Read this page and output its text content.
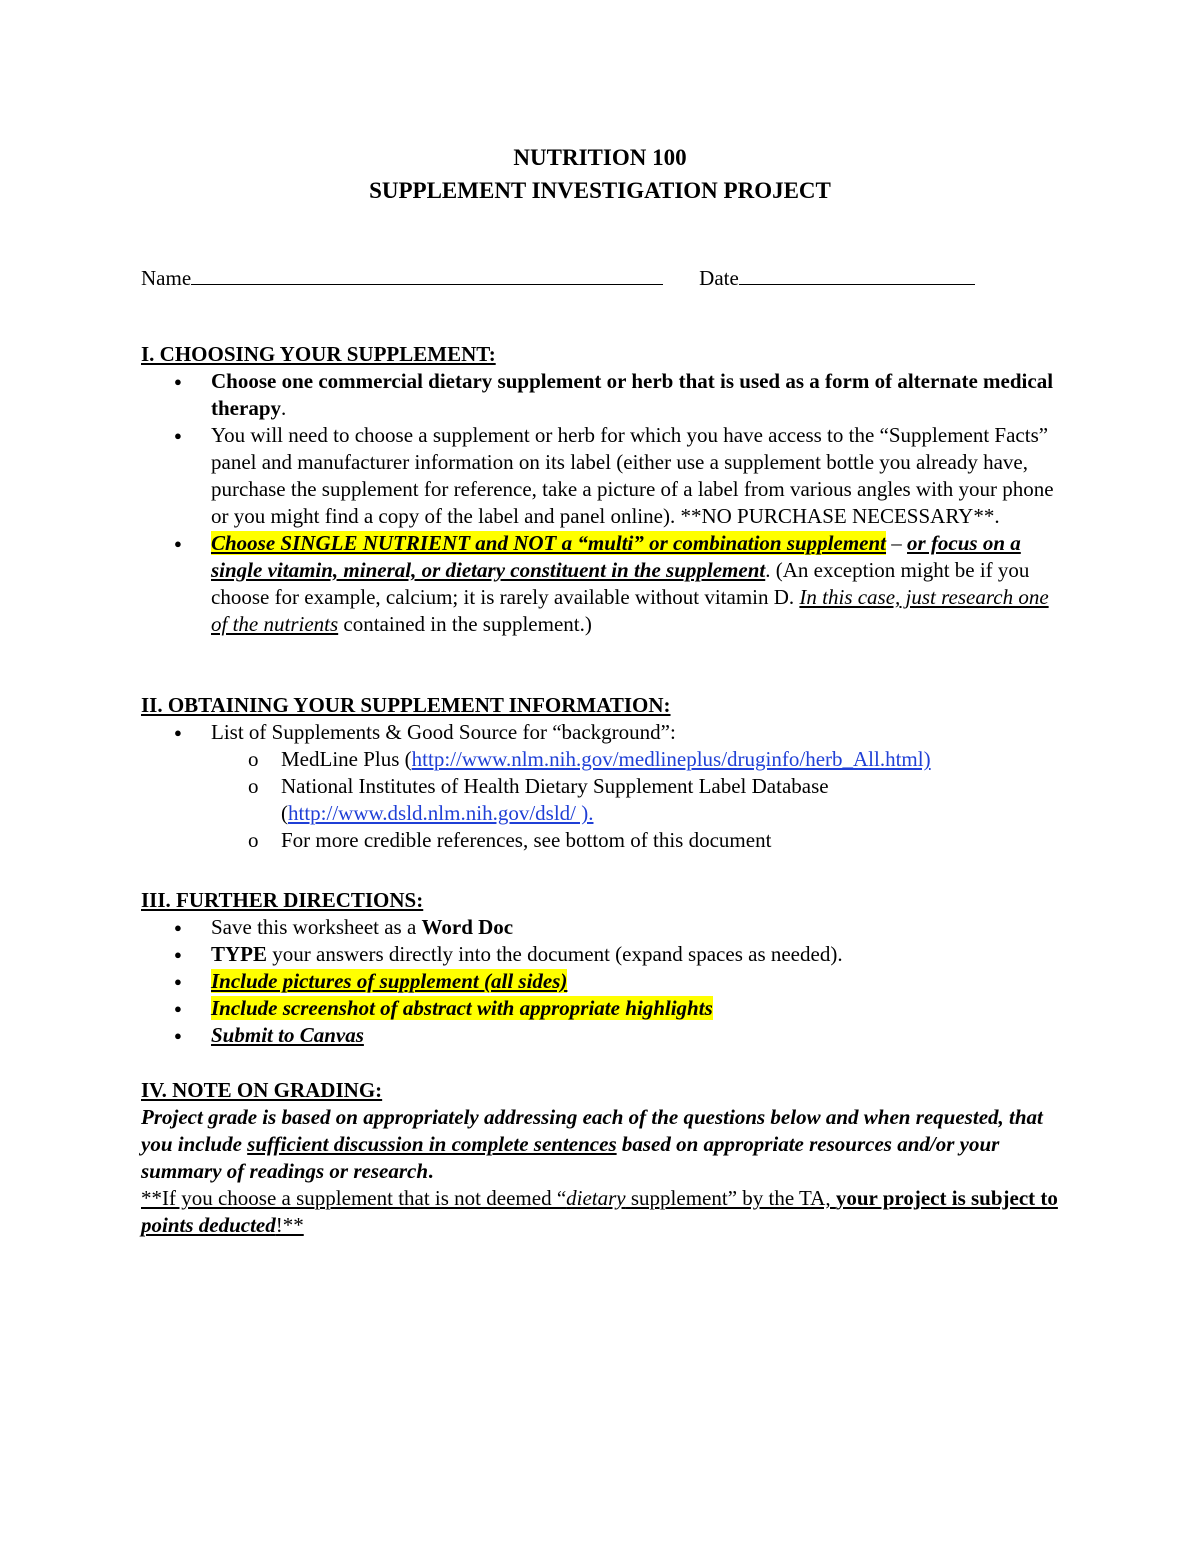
NUTRITION 100
SUPPLEMENT INVESTIGATION PROJECT
Name	Date

I. CHOOSING YOUR SUPPLEMENT:

● Choose one commercial dietary supplement or herb that is used as a form of alternate medical therapy.
● You will need to choose a supplement or herb for which you have access to the “Supplement Facts” panel and manufacturer information on its label (either use a supplement bottle you already have, purchase the supplement for reference, take a picture of a label from various angles with your phone or you might find a copy of the label and panel online). **NO PURCHASE NECESSARY**.
● Choose SINGLE NUTRIENT and NOT a “multi” or combination supplement – or focus on a single vitamin, mineral, or dietary constituent in the supplement. (An exception might be if you choose for example, calcium; it is rarely available without vitamin D. In this case, just research one of the nutrients contained in the supplement.)

II. OBTAINING YOUR SUPPLEMENT INFORMATION:

● List of Supplements & Good Source for “background”:
o MedLine Plus (http://www.nlm.nih.gov/medlineplus/druginfo/herb_All.html)
o National Institutes of Health Dietary Supplement Label Database (http://www.dsld.nlm.nih.gov/dsld/ ).
o For more credible references, see bottom of this document

III. FURTHER DIRECTIONS:

● Save this worksheet as a Word Doc
● TYPE your answers directly into the document (expand spaces as needed).
● Include pictures of supplement (all sides)
● Include screenshot of abstract with appropriate highlights
● Submit to Canvas

IV. NOTE ON GRADING:

Project grade is based on appropriately addressing each of the questions below and when requested, that you include sufficient discussion in complete sentences based on appropriate resources and/or your summary of readings or research.

**If you choose a supplement that is not deemed “dietary supplement” by the TA, your project is subject to points deducted!**
